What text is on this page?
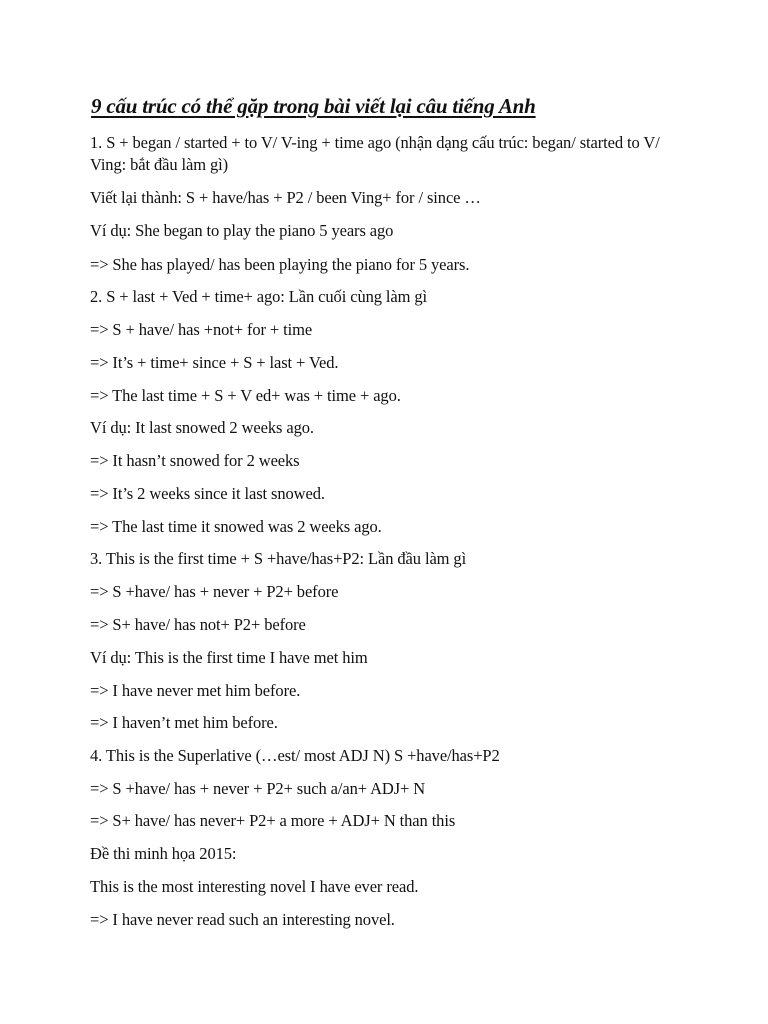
9 cấu trúc có thể gặp trong bài viết lại câu tiếng Anh
1. S + began / started + to V/ V-ing + time ago (nhận dạng cấu trúc: began/ started to V/ Ving: bắt đầu làm gì)
Viết lại thành: S + have/has + P2 / been Ving+ for / since …
Ví dụ: She began to play the piano 5 years ago
=> She has played/ has been playing the piano for 5 years.
2. S + last + Ved + time+ ago: Lần cuối cùng làm gì
=> S + have/ has +not+ for + time
=> It’s + time+ since + S + last + Ved.
=> The last time + S + V ed+ was + time + ago.
Ví dụ: It last snowed 2 weeks ago.
=> It hasn’t snowed for 2 weeks
=> It’s 2 weeks since it last snowed.
=> The last time it snowed was 2 weeks ago.
3. This is the first time + S +have/has+P2: Lần đầu làm gì
=> S +have/ has + never + P2+ before
=> S+ have/ has not+ P2+ before
Ví dụ: This is the first time I have met him
=> I have never met him before.
=> I haven’t met him before.
4. This is the Superlative (…est/ most ADJ N) S +have/has+P2
=> S +have/ has + never + P2+ such a/an+ ADJ+ N
=> S+ have/ has never+ P2+ a more + ADJ+ N than this
Đề thi minh họa 2015:
This is the most interesting novel I have ever read.
=> I have never read such an interesting novel.
